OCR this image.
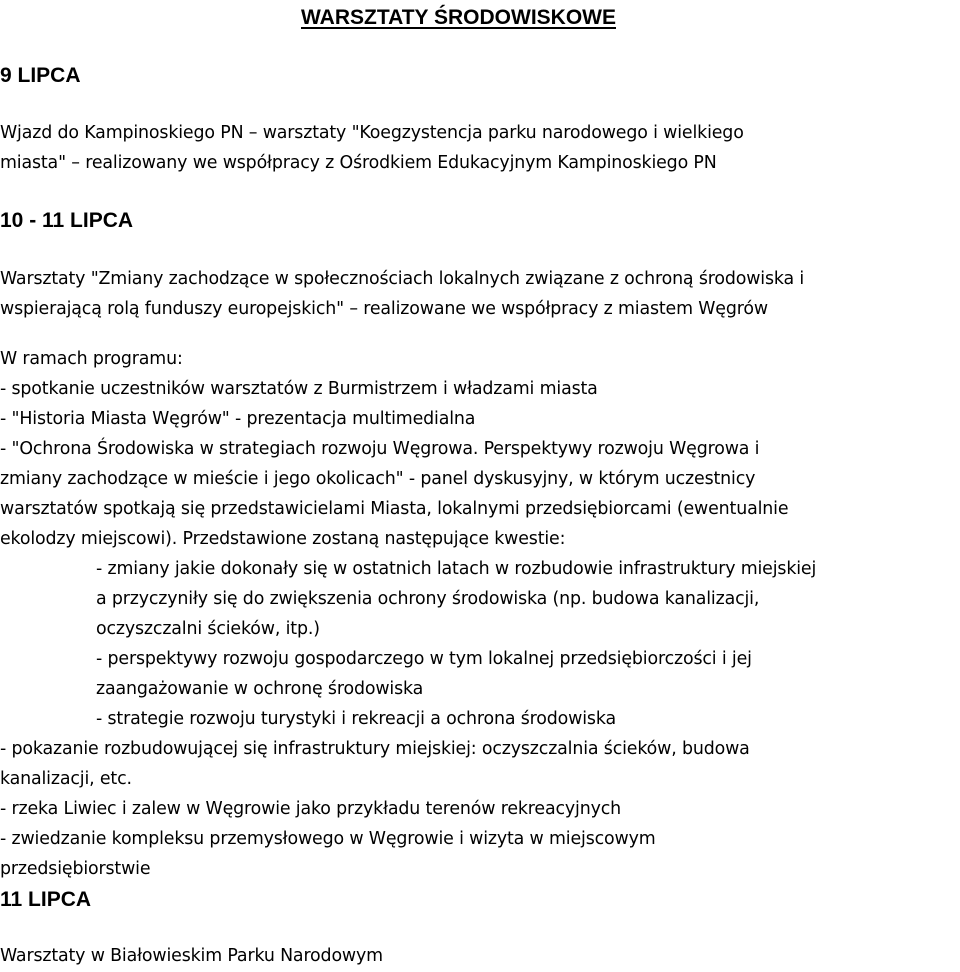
WARSZTATY ŚRODOWISKOWE
9 LIPCA
Wjazd do Kampinoskiego PN – warsztaty "Koegzystencja parku narodowego i wielkiego
miasta" – realizowany we współpracy z Ośrodkiem Edukacyjnym Kampinoskiego PN
10 - 11 LIPCA
Warsztaty "Zmiany zachodzące w społecznościach lokalnych związane z ochroną środowiska i
wspierającą rolą funduszy europejskich" – realizowane we współpracy z miastem Węgrów
W ramach programu:
- spotkanie uczestników warsztatów z Burmistrzem i władzami miasta
- "Historia Miasta Węgrów" - prezentacja multimedialna
- "Ochrona Środowiska w strategiach rozwoju Węgrowa. Perspektywy rozwoju Węgrowa i
zmiany zachodzące w mieście i jego okolicach" - panel dyskusyjny, w którym uczestnicy
warsztatów spotkają się przedstawicielami Miasta, lokalnymi przedsiębiorcami (ewentualnie
ekolodzy miejscowi). Przedstawione zostaną następujące kwestie:
- zmiany jakie dokonały się w ostatnich latach w rozbudowie infrastruktury miejskiej
a przyczyniły się do zwiększenia ochrony środowiska (np. budowa kanalizacji,
oczyszczalni ścieków, itp.)
- perspektywy rozwoju gospodarczego w tym lokalnej przedsiębiorczości i jej
zaangażowanie w ochronę środowiska
- strategie rozwoju turystyki i rekreacji a ochrona środowiska
- pokazanie rozbudowującej się infrastruktury miejskiej: oczyszczalnia ścieków, budowa
kanalizacji, etc.
- rzeka Liwiec i zalew w Węgrowie jako przykładu terenów rekreacyjnych
- zwiedzanie kompleksu przemysłowego w Węgrowie i wizyta w miejscowym
przedsiębiorstwie
11 LIPCA
Warsztaty w Białowieskim Parku Narodowym
